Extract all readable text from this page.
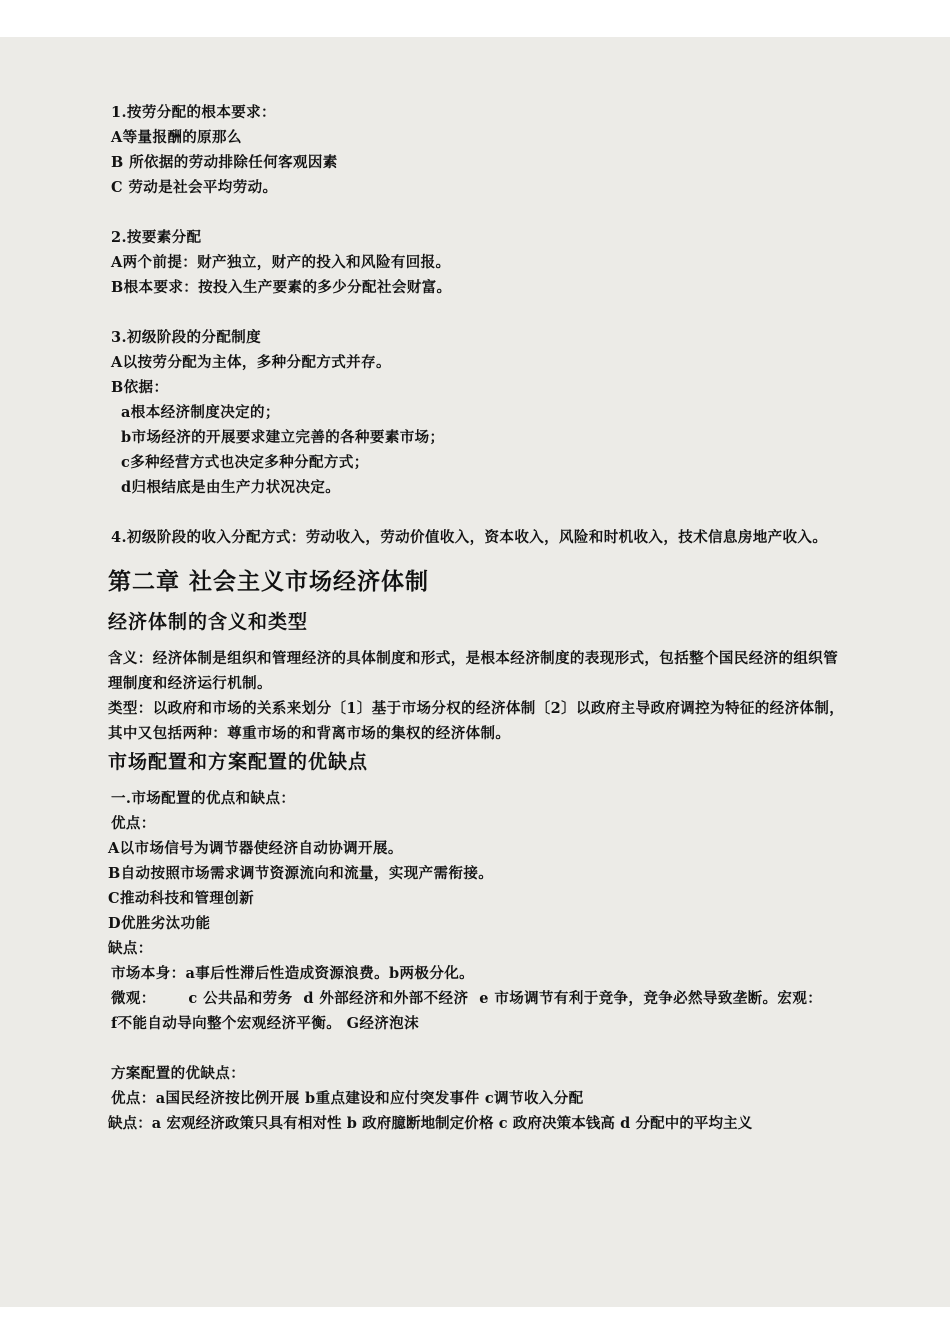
1.按劳分配的根本要求：
A等量报酬的原那么
B 所依据的劳动排除任何客观因素
C 劳动是社会平均劳动。
2.按要素分配
A两个前提：财产独立，财产的投入和风险有回报。
B根本要求：按投入生产要素的多少分配社会财富。
3.初级阶段的分配制度
A以按劳分配为主体，多种分配方式并存。
B依据：
a根本经济制度决定的；
b市场经济的开展要求建立完善的各种要素市场；
c多种经营方式也决定多种分配方式；
d归根结底是由生产力状况决定。
4.初级阶段的收入分配方式：劳动收入，劳动价值收入，资本收入，风险和时机收入，技术信息房地产收入。
第二章 社会主义市场经济体制
经济体制的含义和类型
含义：经济体制是组织和管理经济的具体制度和形式，是根本经济制度的表现形式，包括整个国民经济的组织管理制度和经济运行机制。
类型：以政府和市场的关系来划分〔1〕基于市场分权的经济体制〔2〕以政府主导政府调控为特征的经济体制，其中又包括两种：尊重市场的和背离市场的集权的经济体制。
市场配置和方案配置的优缺点
一.市场配置的优点和缺点：
优点：
A以市场信号为调节器使经济自动协调开展。
B自动按照市场需求调节资源流向和流量，实现产需衔接。
C推动科技和管理创新
D优胜劣汰功能
缺点：
市场本身：a事后性滞后性造成资源浪费。b两极分化。
微观：      c 公共品和劳务  d 外部经济和外部不经济  e 市场调节有利于竞争，竞争必然导致垄断。宏观：      f不能自动导向整个宏观经济平衡。 G经济泡沫
方案配置的优缺点：
优点：a国民经济按比例开展 b重点建设和应付突发事件 c调节收入分配
缺点：a 宏观经济政策只具有相对性 b 政府臆断地制定价格 c 政府决策本钱高 d 分配中的平均主义
